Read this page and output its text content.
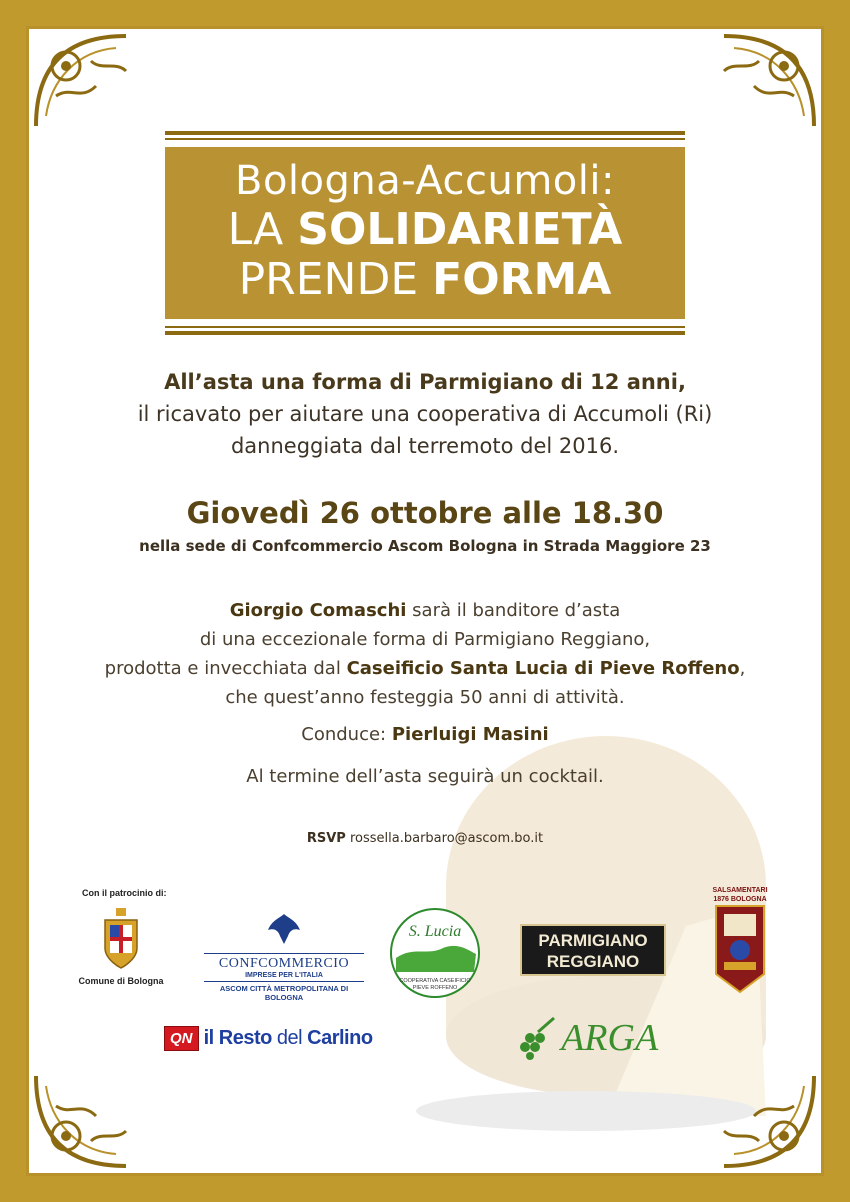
Bologna-Accumoli:
LA SOLIDARIETÀ
PRENDE FORMA
All’asta una forma di Parmigiano di 12 anni,
il ricavato per aiutare una cooperativa di Accumoli (Ri)
danneggiata dal terremoto del 2016.
Giovedì 26 ottobre alle 18.30
nella sede di Confcommercio Ascom Bologna in Strada Maggiore 23
Giorgio Comaschi sarà il banditore d’asta
di una eccezionale forma di Parmigiano Reggiano,
prodotta e invecchiata dal Caseificio Santa Lucia di Pieve Roffeno,
che quest’anno festeggia 50 anni di attività.
Conduce: Pierluigi Masini
Al termine dell’asta seguirà un cocktail.
RSVP rossella.barbaro@ascom.bo.it
Con il patrocinio di:
Comune di Bologna
CONFCOMMERCIO
IMPRESE PER L'ITALIA
ASCOM CITTÀ METROPOLITANA DI BOLOGNA
S. Lucia
COOPERATIVA CASEIFICIO
PIEVE ROFFENO
PARMIGIANO
REGGIANO
SALSAMENTARI
1876 BOLOGNA
QN il Resto del Carlino	ARGA
